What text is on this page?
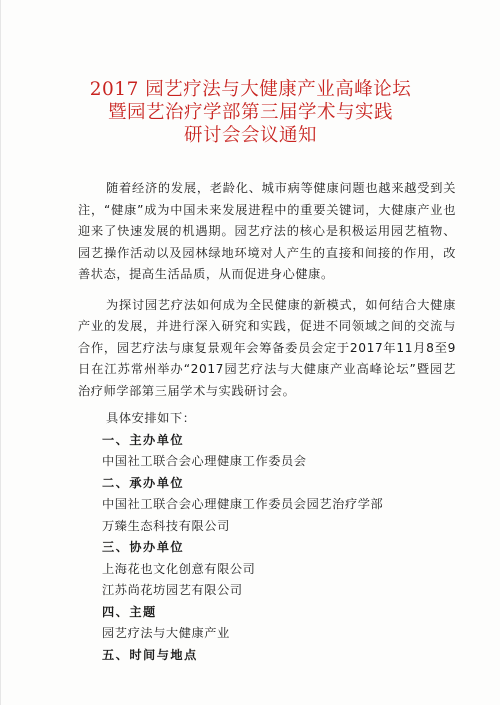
2017 园艺疗法与大健康产业高峰论坛
暨园艺治疗学部第三届学术与实践
研讨会会议通知

随着经济的发展，老龄化、城市病等健康问题也越来越受到关注，“健康”成为中国未来发展进程中的重要关键词，大健康产业也迎来了快速发展的机遇期。园艺疗法的核心是积极运用园艺植物、园艺操作活动以及园林绿地环境对人产生的直接和间接的作用，改善状态，提高生活品质，从而促进身心健康。

为探讨园艺疗法如何成为全民健康的新模式，如何结合大健康产业的发展，并进行深入研究和实践，促进不同领域之间的交流与合作，园艺疗法与康复景观年会筹备委员会定于2017年11月8至9日在江苏常州举办“2017园艺疗法与大健康产业高峰论坛”暨园艺治疗师学部第三届学术与实践研讨会。

具体安排如下：
一、主办单位
中国社工联合会心理健康工作委员会
二、承办单位
中国社工联合会心理健康工作委员会园艺治疗学部
万臻生态科技有限公司
三、协办单位
上海花也文化创意有限公司
江苏尚花坊园艺有限公司
四、主题
园艺疗法与大健康产业
五、时间与地点
